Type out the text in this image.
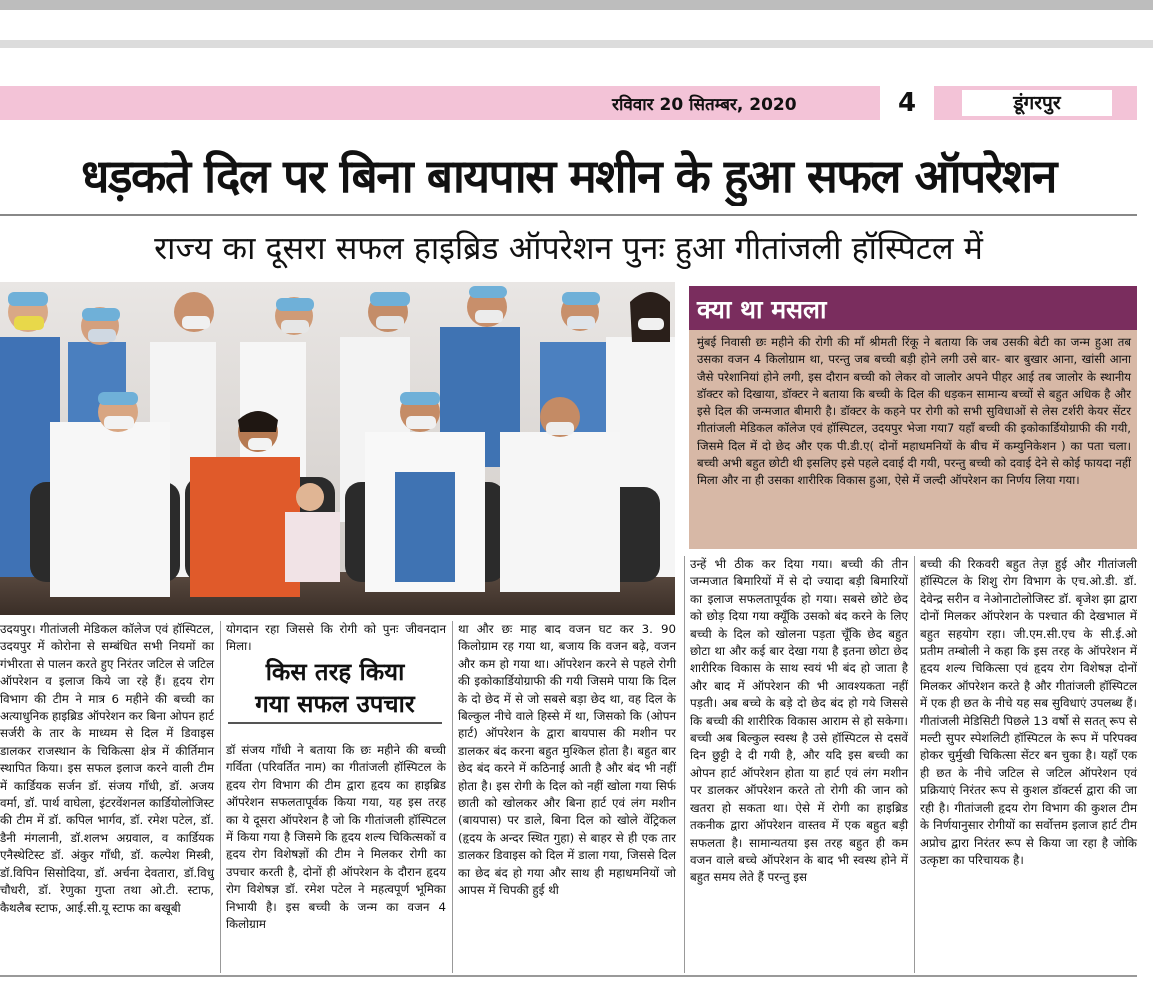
रविवार 20 सितम्बर, 2020	4	डूंगरपुर
धड़कते दिल पर बिना बायपास मशीन के हुआ सफल ऑपरेशन
राज्य का दूसरा सफल हाइब्रिड ऑपरेशन पुनः हुआ गीतांजली हॉस्पिटल में
क्या था मसला
मुंबई निवासी छः महीने की रोगी की माँ श्रीमती रिंकू ने बताया कि जब उसकी बेटी का जन्म हुआ तब उसका वजन 4 किलोग्राम था, परन्तु जब बच्ची बड़ी होने लगी उसे बार- बार बुखार आना, खांसी आना जैसे परेशानियां होने लगी, इस दौरान बच्ची को लेकर वो जालोर अपने पीहर आई तब जालोर के स्थानीय डॉक्टर को दिखाया, डॉक्टर ने बताया कि बच्ची के दिल की धड़कन सामान्य बच्चों से बहुत अधिक है और इसे दिल की जन्मजात बीमारी है। डॉक्टर के कहने पर रोगी को सभी सुविधाओं से लेस टर्शरी केयर सेंटर गीतांजली मेडिकल कॉलेज एवं हॉस्पिटल, उदयपुर भेजा गया7 यहाँ बच्ची की इकोकार्डियोग्राफी की गयी, जिसमे दिल में दो छेद और एक पी.डी.ए( दोनों महाधमनियों के बीच में कम्युनिकेशन ) का पता चला। बच्ची अभी बहुत छोटी थी इसलिए इसे पहले दवाई दी गयी, परन्तु बच्ची को दवाई देने से कोई फायदा नहीं मिला और ना ही उसका शारीरिक विकास हुआ, ऐसे में जल्दी ऑपरेशन का निर्णय लिया गया।
उदयपुर। गीतांजली मेडिकल कॉलेज एवं हॉस्पिटल, उदयपुर में कोरोना से सम्बंधित सभी नियमों का गंभीरता से पालन करते हुए निरंतर जटिल से जटिल ऑपरेशन व इलाज किये जा रहे हैं। हृदय रोग विभाग की टीम ने मात्र 6 महीने की बच्ची का अत्याधुनिक हाइब्रिड ऑपरेशन कर बिना ओपन हार्ट सर्जरी के तार के माध्यम से दिल में डिवाइस डालकर राजस्थान के चिकित्सा क्षेत्र में कीर्तिमान स्थापित किया। इस सफल इलाज करने वाली टीम में कार्डियक सर्जन डॉ. संजय गाँधी, डॉ. अजय वर्मा, डॉ. पार्थ वाघेला, इंटरवेंशनल कार्डियोलोजिस्ट की टीम में डॉ. कपिल भार्गव, डॉ. रमेश पटेल, डॉ. डैनी मंगलानी, डॉ.शलभ अग्रवाल, व कार्डियक एनैस्थेटिस्ट डॉ. अंकुर गाँधी, डॉ. कल्पेश मिस्त्री, डॉ.विपिन सिसोदिया, डॉ. अर्चना देवतारा, डॉ.विधु चौधरी, डॉ. रेणुका गुप्ता तथा ओ.टी. स्टाफ, कैथलैब स्टाफ, आई.सी.यू स्टाफ का बखूबी
योगदान रहा जिससे कि रोगी को पुनः जीवनदान मिला।
किस तरह किया
गया सफल उपचार
डॉ संजय गाँधी ने बताया कि छः महीने की बच्ची गर्विता (परिवर्तित नाम) का गीतांजली हॉस्पिटल के हृदय रोग विभाग की टीम द्वारा हृदय का हाइब्रिड ऑपरेशन सफलतापूर्वक किया गया, यह इस तरह का ये दूसरा ऑपरेशन है जो कि गीतांजली हॉस्पिटल में किया गया है जिसमे कि हृदय शल्य चिकित्सकों व हृदय रोग विशेषज्ञों की टीम ने मिलकर रोगी का उपचार करती है, दोनों ही ऑपरेशन के दौरान हृदय रोग विशेषज्ञ डॉ. रमेश पटेल ने महत्वपूर्ण भूमिका निभायी है। इस बच्ची के जन्म का वजन 4 किलोग्राम
था और छः माह बाद वजन घट कर 3. 90 किलोग्राम रह गया था, बजाय कि वजन बढ़े, वजन और कम हो गया था। ऑपरेशन करने से पहले रोगी की इकोकार्डियोग्राफी की गयी जिसमे पाया कि दिल के दो छेद में से जो सबसे बड़ा छेद था, वह दिल के बिल्कुल नीचे वाले हिस्से में था, जिसको कि (ओपन हार्ट) ऑपरेशन के द्वारा बायपास की मशीन पर डालकर बंद करना बहुत मुश्किल होता है। बहुत बार छेद बंद करने में कठिनाई आती है और बंद भी नहीं होता है। इस रोगी के दिल को नहीं खोला गया सिर्फ छाती को खोलकर और बिना हार्ट एवं लंग मशीन (बायपास) पर डाले, बिना दिल को खोले वेंट्रिकल (हृदय के अन्दर स्थित गुहा) से बाहर से ही एक तार डालकर डिवाइस को दिल में डाला गया, जिससे दिल का छेद बंद हो गया और साथ ही महाधमनियों जो आपस में चिपकी हुई थी
उन्हें भी ठीक कर दिया गया। बच्ची की तीन जन्मजात बिमारियों में से दो ज्यादा बड़ी बिमारियों का इलाज सफलतापूर्वक हो गया। सबसे छोटे छेद को छोड़ दिया गया क्यूँकि उसको बंद करने के लिए बच्ची के दिल को खोलना पड़ता चूँकि छेद बहुत छोटा था और कई बार देखा गया है इतना छोटा छेद शारीरिक विकास के साथ स्वयं भी बंद हो जाता है और बाद में ऑपरेशन की भी आवश्यकता नहीं पड़ती। अब बच्चे के बड़े दो छेद बंद हो गये जिससे कि बच्ची की शारीरिक विकास आराम से हो सकेगा। बच्ची अब बिल्कुल स्वस्थ है उसे हॉस्पिटल से दसवें दिन छुट्टी दे दी गयी है, और यदि इस बच्ची का ओपन हार्ट ऑपरेशन होता या हार्ट एवं लंग मशीन पर डालकर ऑपरेशन करते तो रोगी की जान को खतरा हो सकता था। ऐसे में रोगी का हाइब्रिड तकनीक द्वारा ऑपरेशन वास्तव में एक बहुत बड़ी सफलता है। सामान्यतया इस तरह बहुत ही कम वजन वाले बच्चे ऑपरेशन के बाद भी स्वस्थ होने में बहुत समय लेते हैं परन्तु इस
बच्ची की रिकवरी बहुत तेज़ हुई और गीतांजली हॉस्पिटल के शिशु रोग विभाग के एच.ओ.डी. डॉ. देवेन्द्र सरीन व नेओनाटोलोजिस्ट डॉ. बृजेश झा द्वारा दोनों मिलकर ऑपरेशन के पश्चात की देखभाल में बहुत सहयोग रहा। जी.एम.सी.एच के सी.ई.ओ प्रतीम तम्बोली ने कहा कि इस तरह के ऑपरेशन में हृदय शल्य चिकित्सा एवं हृदय रोग विशेषज्ञ दोनों मिलकर ऑपरेशन करते है और गीतांजली हॉस्पिटल में एक ही छत के नीचे यह सब सुविधाएं उपलब्ध हैं। गीतांजली मेडिसिटी पिछले 13 वर्षो से सतत् रूप से मल्टी सुपर स्पेशलिटी हॉस्पिटल के रूप में परिपक्व होकर चुर्मुखी चिकित्सा सेंटर बन चुका है। यहाँ एक ही छत के नीचे जटिल से जटिल ऑपरेशन एवं प्रक्रियाएं निरंतर रूप से कुशल डॉक्टर्स द्वारा की जा रही है। गीतांजली हृदय रोग विभाग की कुशल टीम के निर्णयानुसार रोगीयों का सर्वोत्तम इलाज हार्ट टीम अप्रोच द्वारा निरंतर रूप से किया जा रहा है जोकि उत्कृष्टा का परिचायक है।
